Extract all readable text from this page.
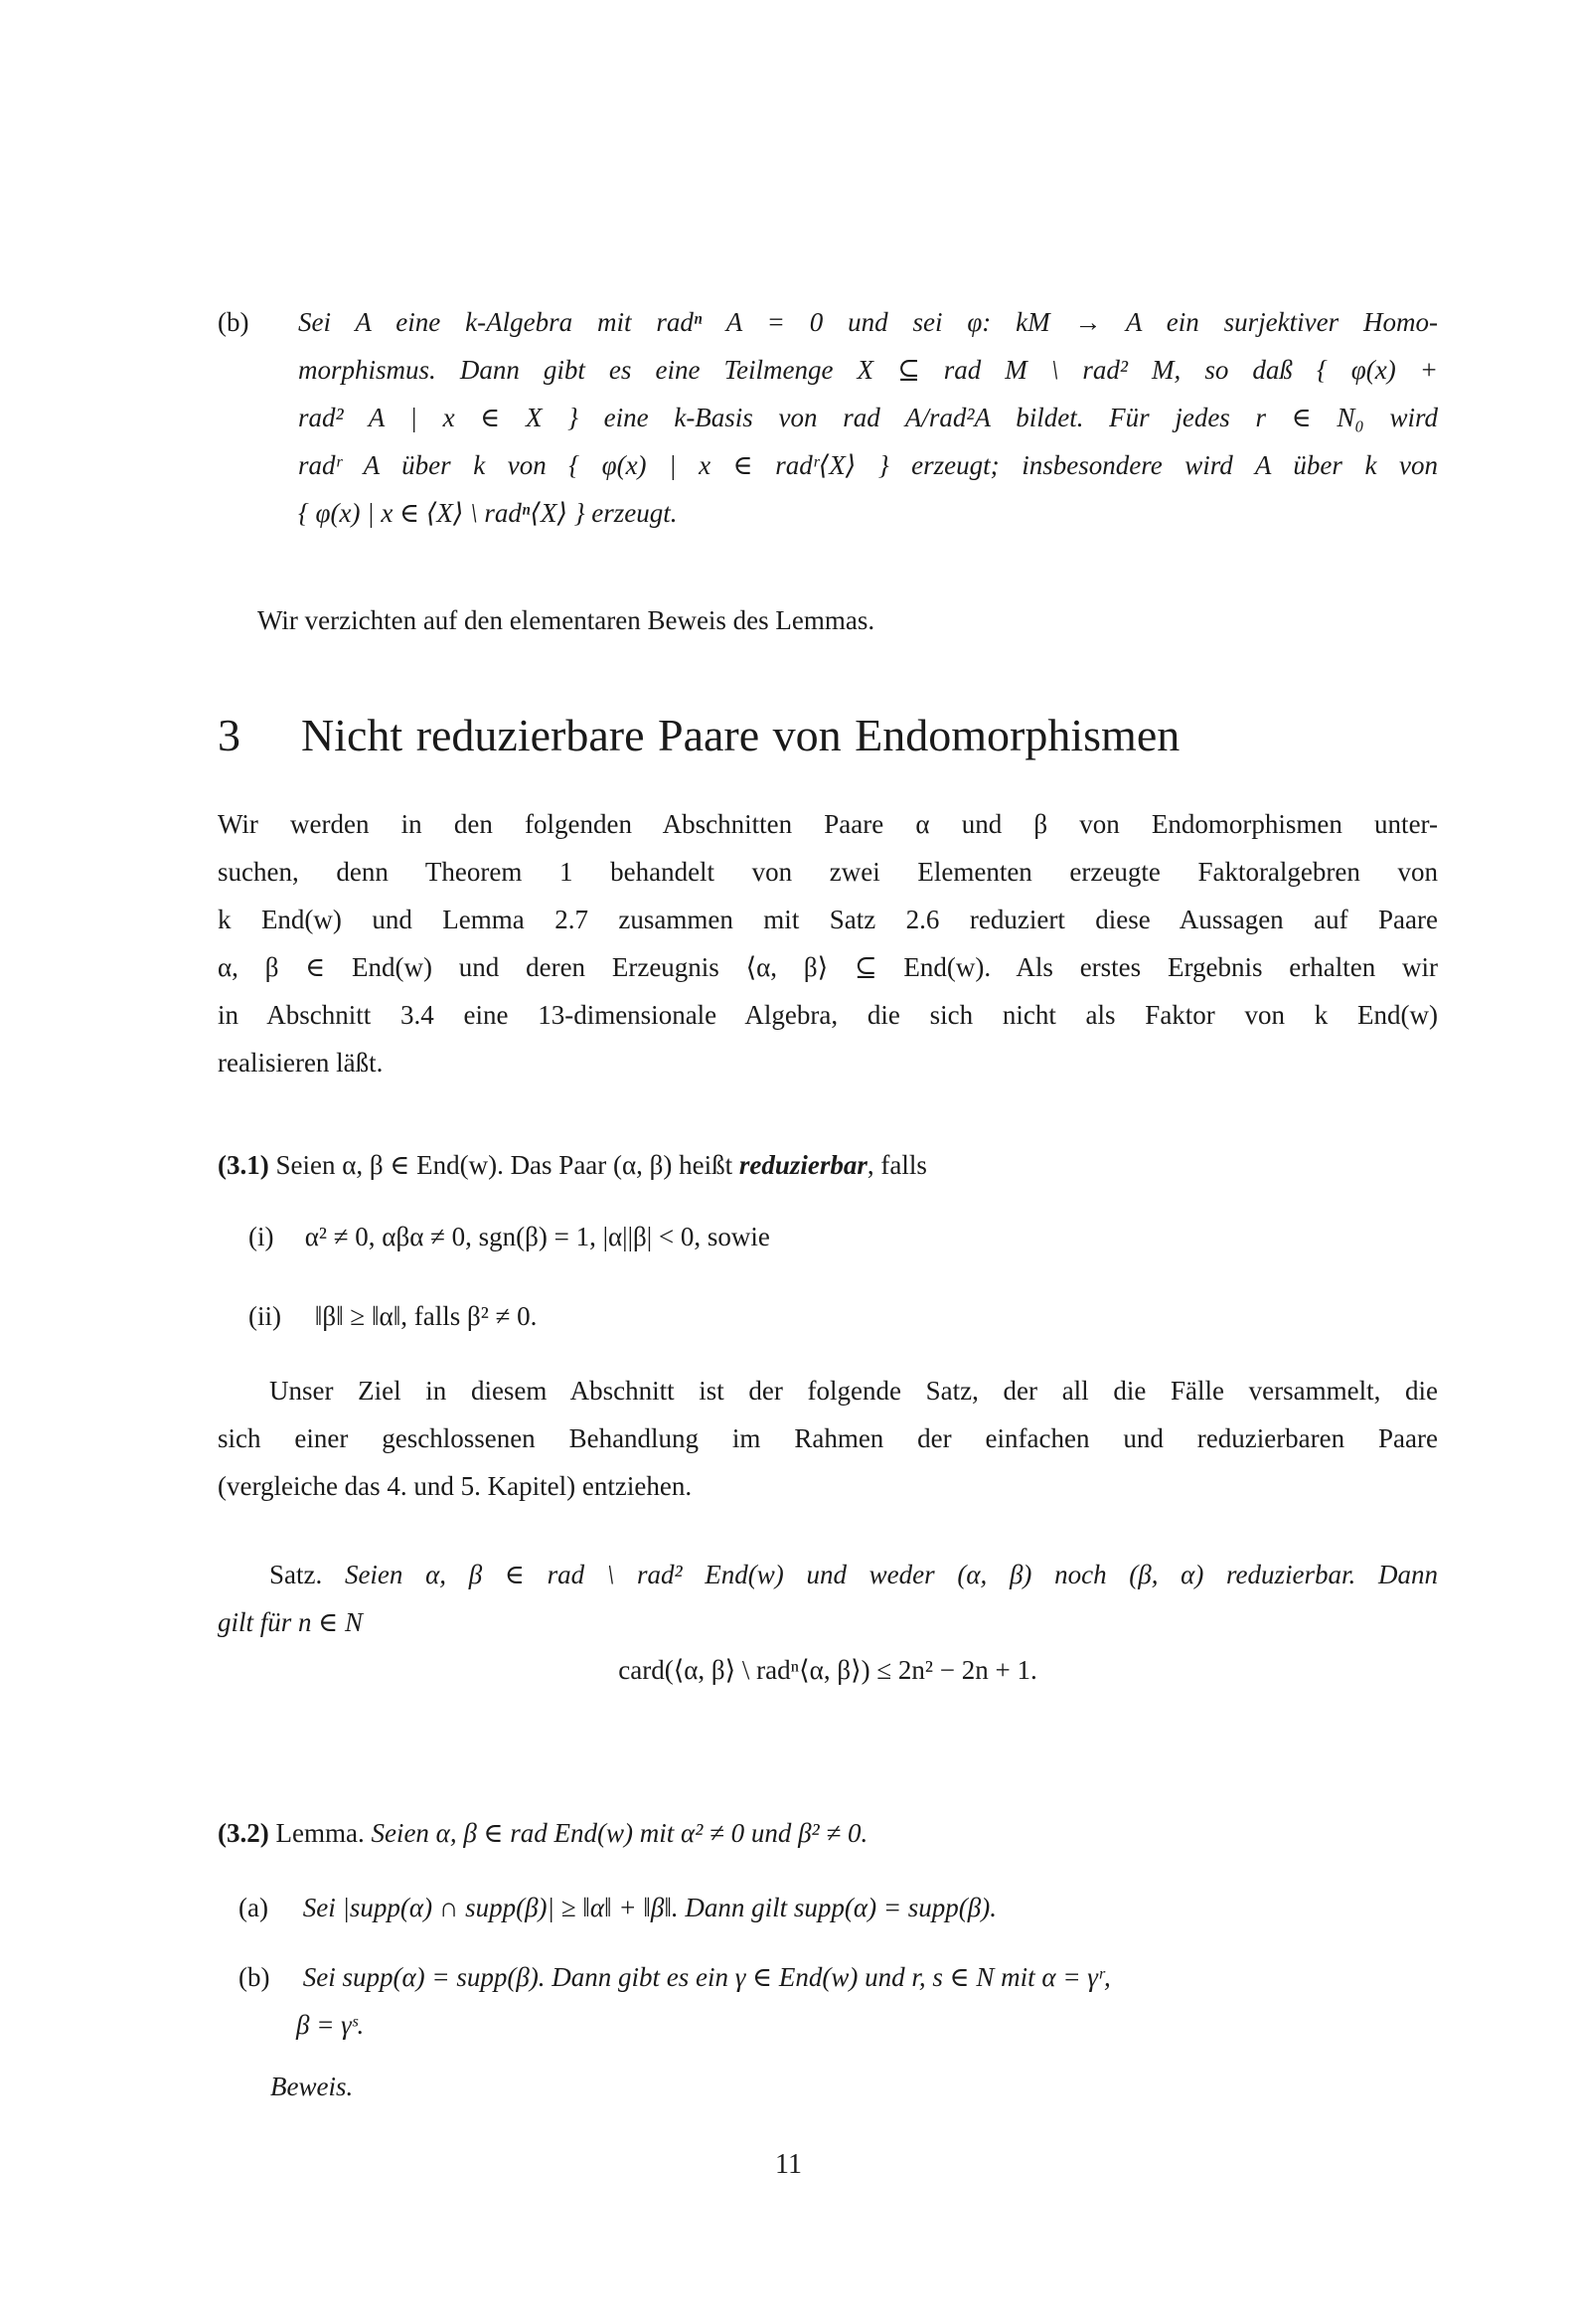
(b) Sei A eine k-Algebra mit radⁿ A = 0 und sei φ: kM → A ein surjektiver Homo-

morphismus. Dann gibt es eine Teilmenge X ⊆ rad M \ rad² M, so daß { φ(x) +
rad² A | x ∈ X } eine k-Basis von rad A/rad²A bildet. Für jedes r ∈ N₀ wird
radʳ A über k von { φ(x) | x ∈ radʳ⟨X⟩ } erzeugt; insbesondere wird A über k von
{ φ(x) | x ∈ ⟨X⟩ \ radⁿ⟨X⟩ } erzeugt.
Wir verzichten auf den elementaren Beweis des Lemmas.
3 Nicht reduzierbare Paare von Endomorphismen
Wir werden in den folgenden Abschnitten Paare α und β von Endomorphismen unter-
suchen, denn Theorem 1 behandelt von zwei Elementen erzeugte Faktoralgebren von
k End(w) und Lemma 2.7 zusammen mit Satz 2.6 reduziert diese Aussagen auf Paare
α, β ∈ End(w) und deren Erzeugnis ⟨α, β⟩ ⊆ End(w). Als erstes Ergebnis erhalten wir
in Abschnitt 3.4 eine 13-dimensionale Algebra, die sich nicht als Faktor von k End(w)
realisieren läßt.
(3.1) Seien α, β ∈ End(w). Das Paar (α, β) heißt reduzierbar, falls
(i) α² ≠ 0, αβα ≠ 0, sgn(β) = 1, |α||β| < 0, sowie
(ii) ‖β‖ ≥ ‖α‖, falls β² ≠ 0.
Unser Ziel in diesem Abschnitt ist der folgende Satz, der all die Fälle versammelt, die
sich einer geschlossenen Behandlung im Rahmen der einfachen und reduzierbaren Paare
(vergleiche das 4. und 5. Kapitel) entziehen.
Satz. Seien α, β ∈ rad \ rad² End(w) und weder (α, β) noch (β, α) reduzierbar. Dann
gilt für n ∈ N
card(⟨α, β⟩ \ radⁿ⟨α, β⟩) ≤ 2n² − 2n + 1.
(3.2) Lemma. Seien α, β ∈ rad End(w) mit α² ≠ 0 und β² ≠ 0.
(a) Sei |supp(α) ∩ supp(β)| ≥ ‖α‖ + ‖β‖. Dann gilt supp(α) = supp(β).
(b) Sei supp(α) = supp(β). Dann gibt es ein γ ∈ End(w) und r, s ∈ N mit α = γʳ,
β = γˢ.
Beweis.
11
